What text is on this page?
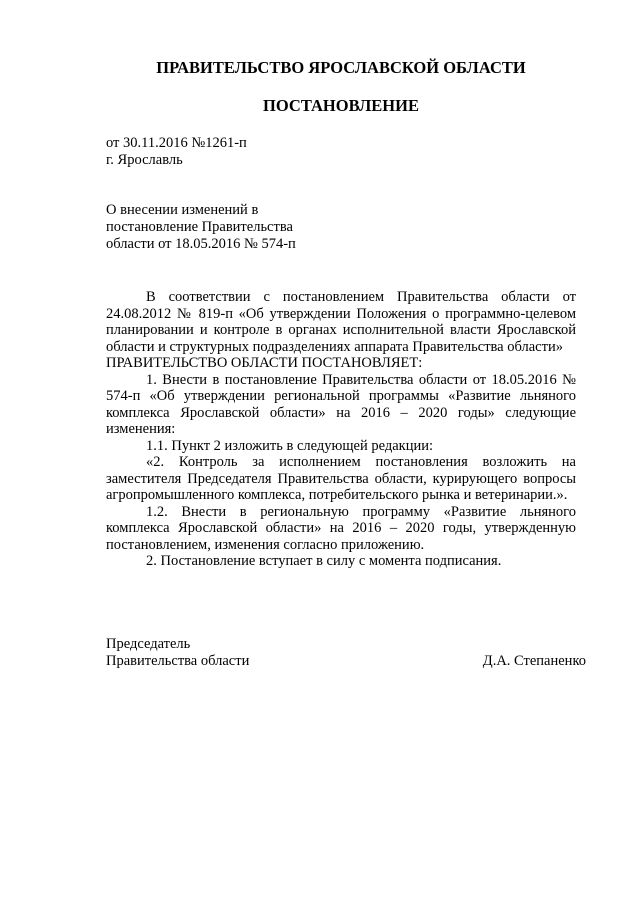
ПРАВИТЕЛЬСТВО ЯРОСЛАВСКОЙ ОБЛАСТИ
ПОСТАНОВЛЕНИЕ
от 30.11.2016 №1261-п
г. Ярославль
О внесении изменений в
постановление Правительства
области от 18.05.2016 № 574-п

В соответствии с постановлением Правительства области от 24.08.2012 № 819-п «Об утверждении Положения о программно-целевом планировании и контроле в органах исполнительной власти Ярославской области и структурных подразделениях аппарата Правительства области»

ПРАВИТЕЛЬСТВО ОБЛАСТИ ПОСТАНОВЛЯЕТ:

1. Внести в постановление Правительства области от 18.05.2016 № 574-п «Об утверждении региональной программы «Развитие льняного комплекса Ярославской области» на 2016 – 2020 годы» следующие изменения:

1.1. Пункт 2 изложить в следующей редакции:

«2. Контроль за исполнением постановления возложить на заместителя Председателя Правительства области, курирующего вопросы агропромышленного комплекса, потребительского рынка и ветеринарии.».

1.2. Внести в региональную программу «Развитие льняного комплекса Ярославской области» на 2016 – 2020 годы, утвержденную постановлением, изменения согласно приложению.

2. Постановление вступает в силу с момента подписания.

Председатель
Правительства области	Д.А. Степаненко
